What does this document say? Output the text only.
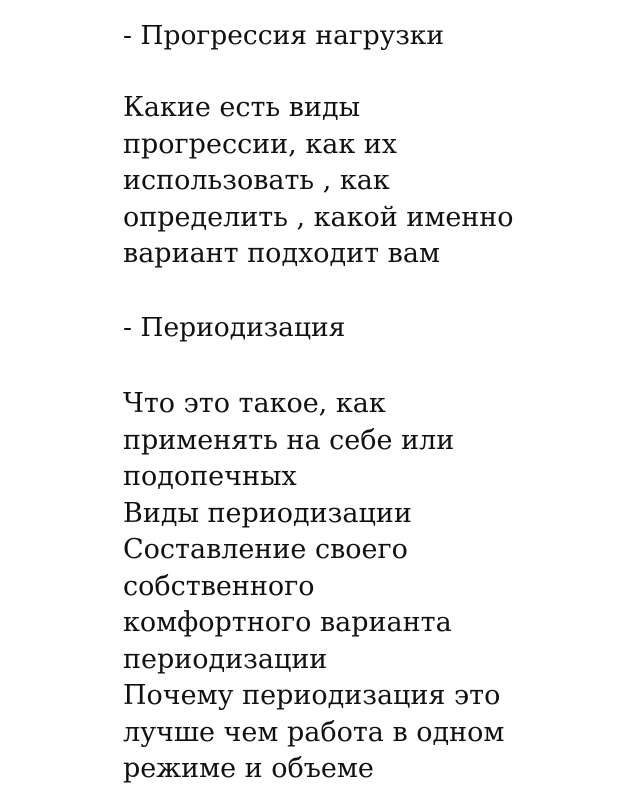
- Прогрессия нагрузки
Какие есть виды
прогрессии, как их
использовать , как
определить , какой именно
вариант подходит вам
- Периодизация
Что это такое, как
применять на себе или
подопечных
Виды периодизации
Составление своего
собственного
комфортного варианта
периодизации
Почему периодизация это
лучше чем работа в одном
режиме и объеме
